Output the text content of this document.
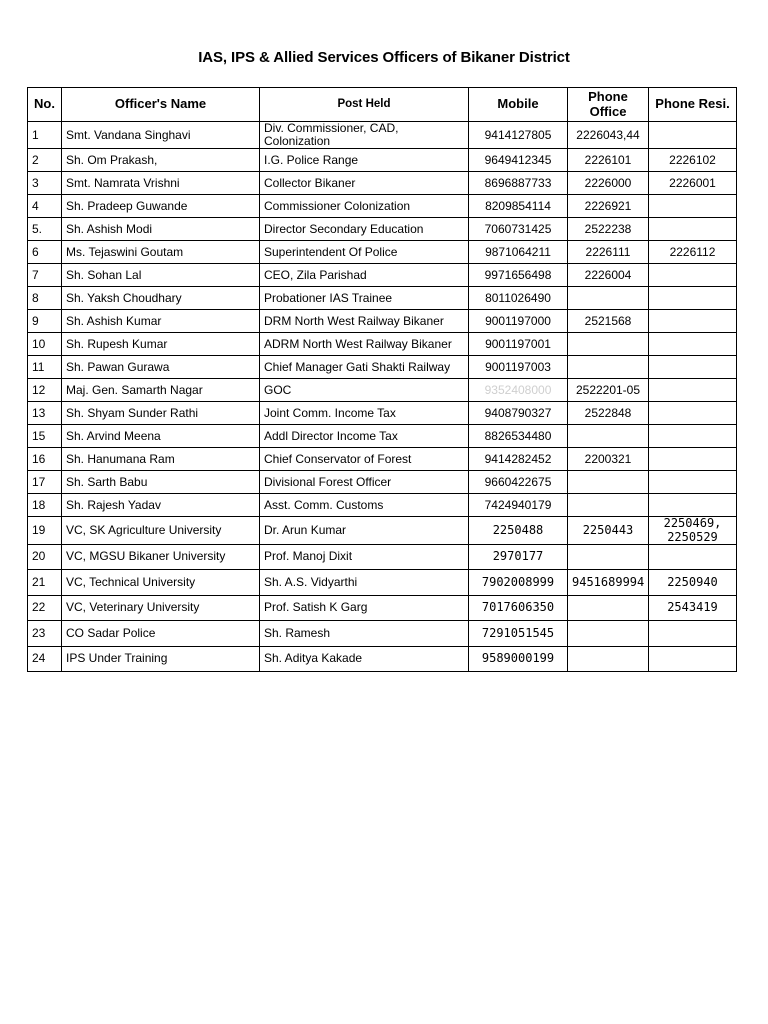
IAS, IPS & Allied Services Officers of Bikaner District
No.	Officer's Name	Post Held	Mobile	Phone Office	Phone Resi.
1	Smt. Vandana Singhavi	Div. Commissioner, CAD, Colonization	9414127805	2226043,44	
2	Sh. Om Prakash,	I.G. Police Range	9649412345	2226101	2226102
3	Smt. Namrata Vrishni	Collector Bikaner	8696887733	2226000	2226001
4	Sh. Pradeep Guwande	Commissioner Colonization	8209854114	2226921	
5.	Sh. Ashish Modi	Director Secondary Education	7060731425	2522238	
6	Ms. Tejaswini Goutam	Superintendent Of Police	9871064211	2226111	2226112
7	Sh. Sohan Lal	CEO, Zila Parishad	9971656498	2226004	
8	Sh. Yaksh Choudhary	Probationer IAS Trainee	8011026490		
9	Sh. Ashish Kumar	DRM North West Railway Bikaner	9001197000	2521568	
10	Sh. Rupesh Kumar	ADRM North West Railway Bikaner	9001197001		
11	Sh. Pawan Gurawa	Chief Manager Gati Shakti Railway	9001197003		
12	Maj. Gen. Samarth Nagar	GOC	9352408000	2522201-05	
13	Sh. Shyam Sunder Rathi	Joint Comm. Income Tax	9408790327	2522848	
15	Sh. Arvind Meena	Addl Director Income Tax	8826534480		
16	Sh. Hanumana Ram	Chief Conservator of Forest	9414282452	2200321	
17	Sh. Sarth Babu	Divisional Forest Officer	9660422675		
18	Sh. Rajesh Yadav	Asst. Comm. Customs	7424940179		
19	VC, SK Agriculture University	Dr. Arun Kumar	2250488	2250443	2250469, 2250529
20	VC, MGSU Bikaner University	Prof. Manoj Dixit	2970177		
21	VC, Technical University	Sh. A.S. Vidyarthi	7902008999	9451689994	2250940
22	VC, Veterinary University	Prof. Satish K Garg	7017606350		2543419
23	CO Sadar Police	Sh. Ramesh	7291051545		
24	IPS Under Training	Sh. Aditya Kakade	9589000199		
